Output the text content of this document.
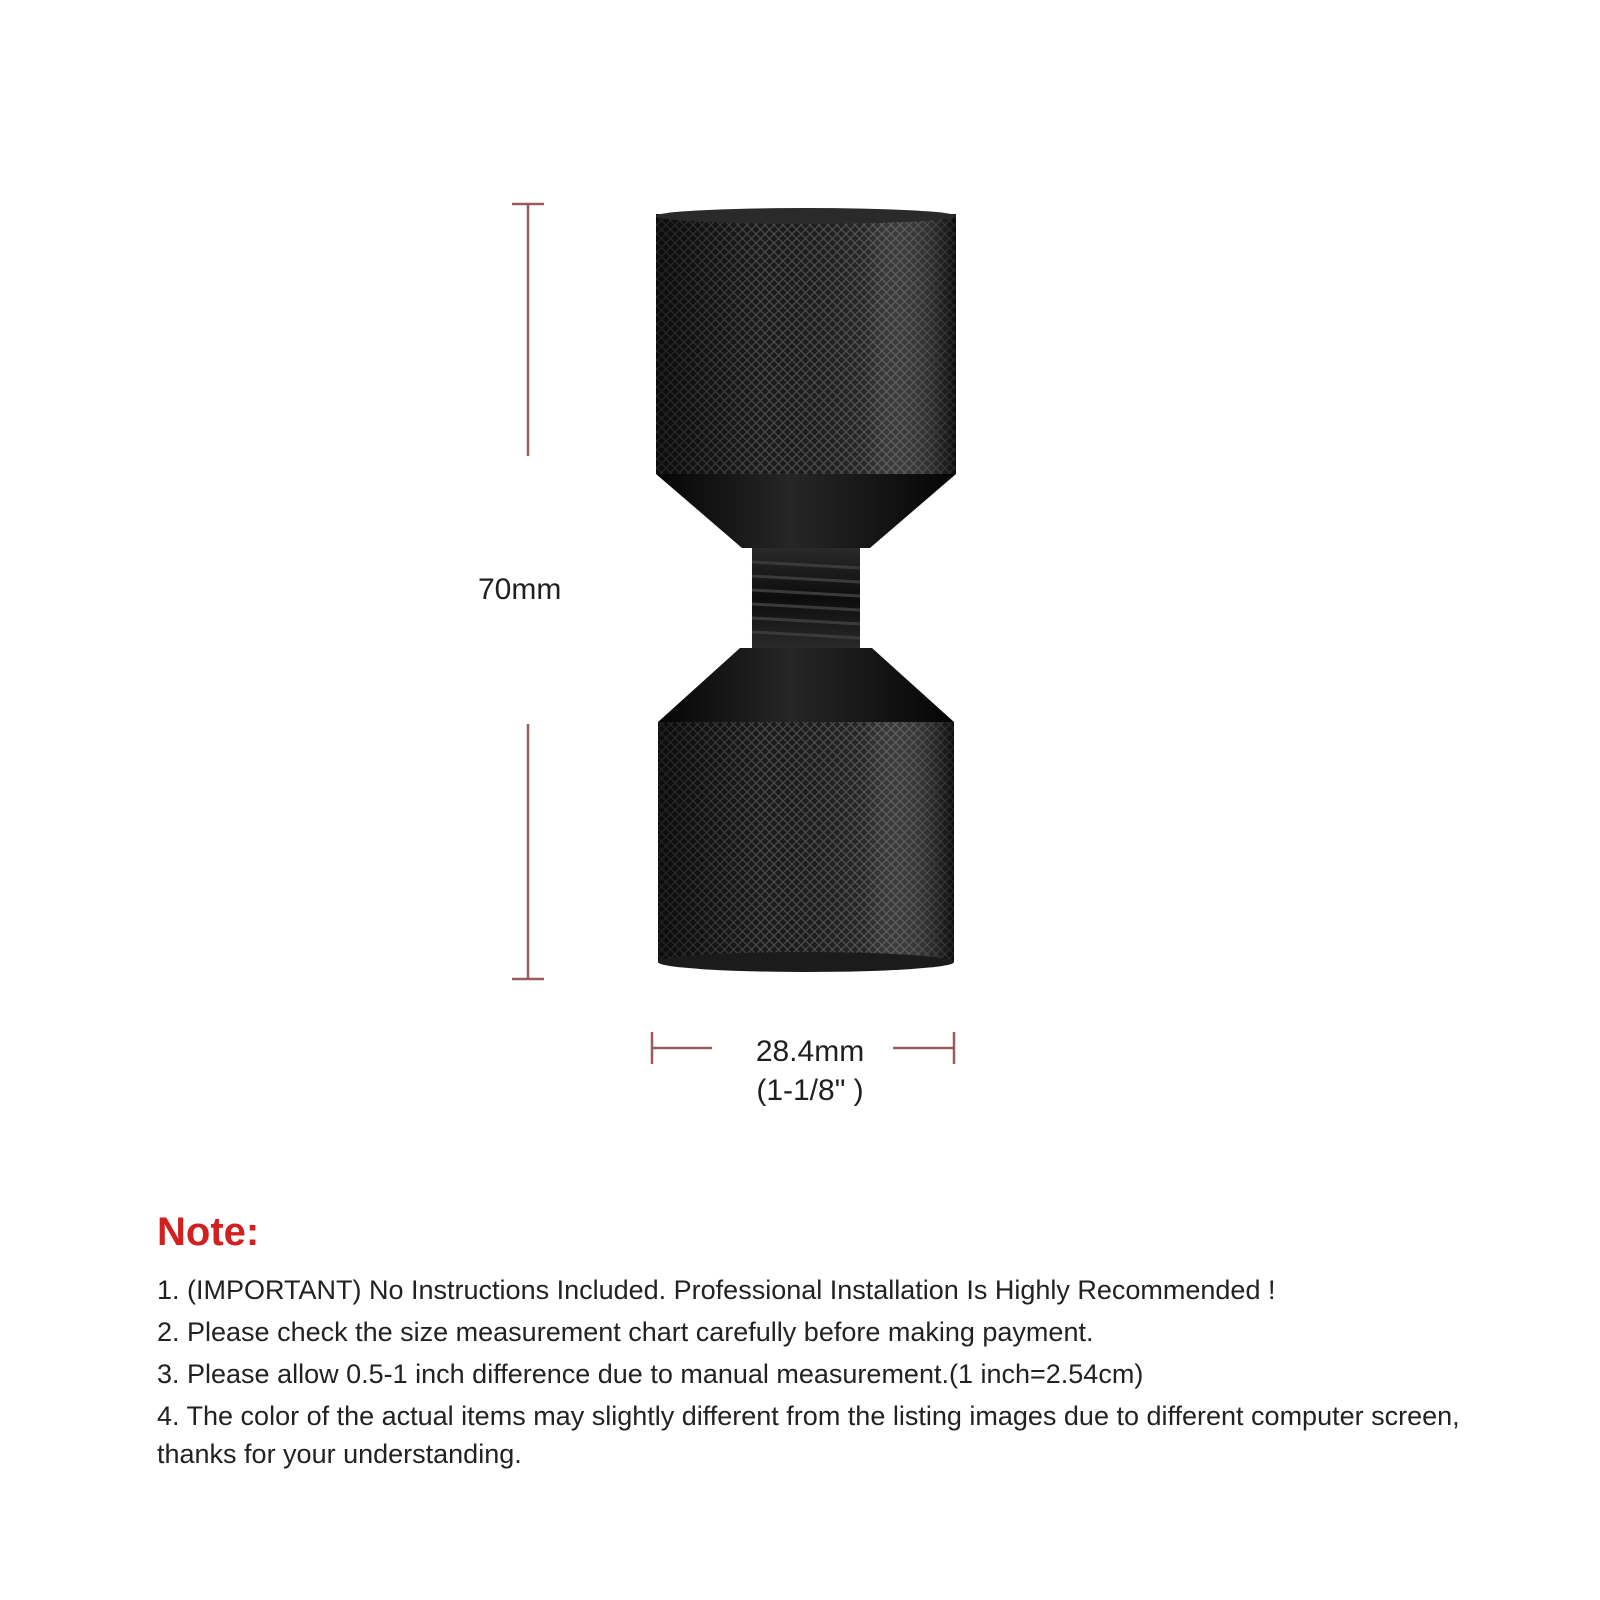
70mm
28.4mm
(1-1/8" )
Note:
1. (IMPORTANT) No Instructions Included. Professional Installation Is Highly Recommended !
2. Please check the size measurement chart carefully before making payment.
3. Please allow 0.5-1 inch difference due to manual measurement.(1 inch=2.54cm)
4. The color of the actual items may slightly different from the listing images due to different computer screen, thanks for your understanding.
